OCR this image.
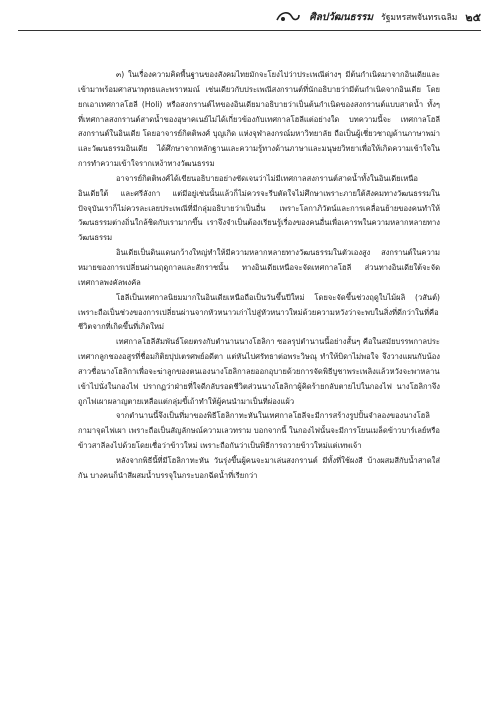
ศิลปวัฒนธรรม รัฐมหรสพจันทรเฉลิม ๒๕

๓) ในเรื่องความคิดพื้นฐานของสังคมไทยมักจะโยงไปว่าประเพณีต่างๆ มีต้นกำเนิดมาจากอินเดียและเข้ามาพร้อมศาสนาพุทธและพราหมณ์ เช่นเดียวกับประเพณีสงกรานต์ที่นักอธิบายว่ามีต้นกำเนิดจากอินเดีย โดยยกเอาเทศกาลโฮลี (Holi) หรือสงกรานต์ไทของอินเดียมาอธิบายว่าเป็นต้นกำเนิดของสงกรานต์แบบสาดน้ำ ทั้งๆ ที่เทศกาลสงกรานต์สาดน้ำของอุษาคเนย์ไม่ได้เกี่ยวข้องกับเทศกาลโฮลีแต่อย่างใด บทความนี้จะ เทศกาลโฮลี สงกรานต์ในอินเดีย โดยอาจารย์กิตติพงศ์ บุญเกิด แห่งจุฬาลงกรณ์มหาวิทยาลัย ถือเป็นผู้เชี่ยวชาญด้านภาษาพม่าและวัฒนธรรมอินเดีย ได้ศึกษาจากหลักฐานและความรู้ทางด้านภาษาและมนุษยวิทยาเพื่อให้เกิดความเข้าใจในการทำความเข้าใจรากเหง้าทางวัฒนธรรม

อาจารย์กิตติพงศ์ได้เขียนอธิบายอย่างชัดเจนว่าไม่มีเทศกาลสงกรานต์สาดน้ำทั้งในอินเดียเหนือ อินเดียใต้ และศรีลังกา แต่มีอยู่เช่นนั้นแล้วก็ไม่ควรจะรีบตัดใจไม่ศึกษาเพราะภายใต้สังคมทางวัฒนธรรมในปัจจุบันเราก็ไม่ควรละเลยประเพณีที่มีกลุ่มอธิบายว่าเป็นอื่น เพราะโลกาภิวัตน์และการเคลื่อนย้ายของคนทำให้วัฒนธรรมต่างถิ่นใกล้ชิดกับเรามากขึ้น เราจึงจำเป็นต้องเรียนรู้เรื่องของคนอื่นเพื่อเคารพในความหลากหลายทางวัฒนธรรม

อินเดียเป็นดินแดนกว้างใหญ่ทำให้มีความหลากหลายทางวัฒนธรรมในตัวเองสูง สงกรานต์ในความหมายของการเปลี่ยนผ่านฤดูกาลและสักราชนั้น ทางอินเดียเหนือจะจัดเทศกาลโฮลี ส่วนทางอินเดียใต้จะจัดเทศกาลพงคัลพงคัล

โฮลีเป็นเทศกาลนิยมมากในอินเดียเหนือถือเป็นวันขึ้นปีใหม่ โดยจะจัดขึ้นช่วงฤดูใบไม้ผลิ (วสันต์) เพราะถือเป็นช่วงของการเปลี่ยนผ่านจากหัวหนาวเก่าไปสู่หัวหนาวใหม่ด้วยความหวังว่าจะพบในสิ่งที่ดีกว่าในที่คือชีวิตจากที่เกิดขึ้นที่เกิดใหม่

เทศกาลโฮลีสัมพันธ์โดยตรงกับตำนานนางโฮลิกา ซอลรุปตำนานนี้อย่างสั้นๆ คือในสมัยบรรพกาลประเทศากลูกชองอสูรที่ชื่อมกิติยปุปเตรศพย์อดีตา แต่หันไปศรัทธาต่อพระวิษณุ ทำให้บิดาไม่พอใจ จึงวางแผนกับน้องสาวชื่อนางโฮลิกาเพื่อจะฆ่าลูกของตนเองนางโฮลิกาลยออกอุบายด้วยการจัดพิธีบูชาพระเพลิงแล้วหวังจะพาหลานเข้าไปนั่งในกองไฟ ปรากฏว่าฝ่ายที่ใจดีกลับรอดชีวิตส่วนนางโฮลิกาผู้คิดร้ายกลับตายไปในกองไฟ นางโฮลิกาจึงถูกไฟเผาผลาญตายเหลือแต่กลุ่มขี้เถ้าทำให้ผู้คนนำมาเป็นที่ผ่องแผ้ว

จากตำนานนี้จึงเป็นที่มาของพิธีโฮลิกาทะหันในเทศกาลโฮลีจะมีการสร้างรูปปั้นจำลองของนางโฮลิกามาจุดไฟเผา เพราะถือเป็นสัญลักษณ์ความเลวทราม บอกจากนี้ ในกองไฟนั้นจะมีการโยนเมล็ดข้าวบาร์เลย์หรือข้าวสาลีลงไปด้วยโดยเชื่อว่าข้าวใหม่ เพราะถือกันว่าเป็นพิธีการถวายข้าวใหม่แต่เทพเจ้า

หลังจากพิธีนี้ที่มีโฮลิกาทะหัน วันรุ่งขึ้นผู้คนจะมาเล่นสงกรานต์ มีทั้งที่ใช้ผงสี บ้างผสมสีกับน้ำสาดใส่กัน บางคนก็นำสีผสมน้ำบรรจุในกระบอกฉีดน้ำที่เรียกว่า
